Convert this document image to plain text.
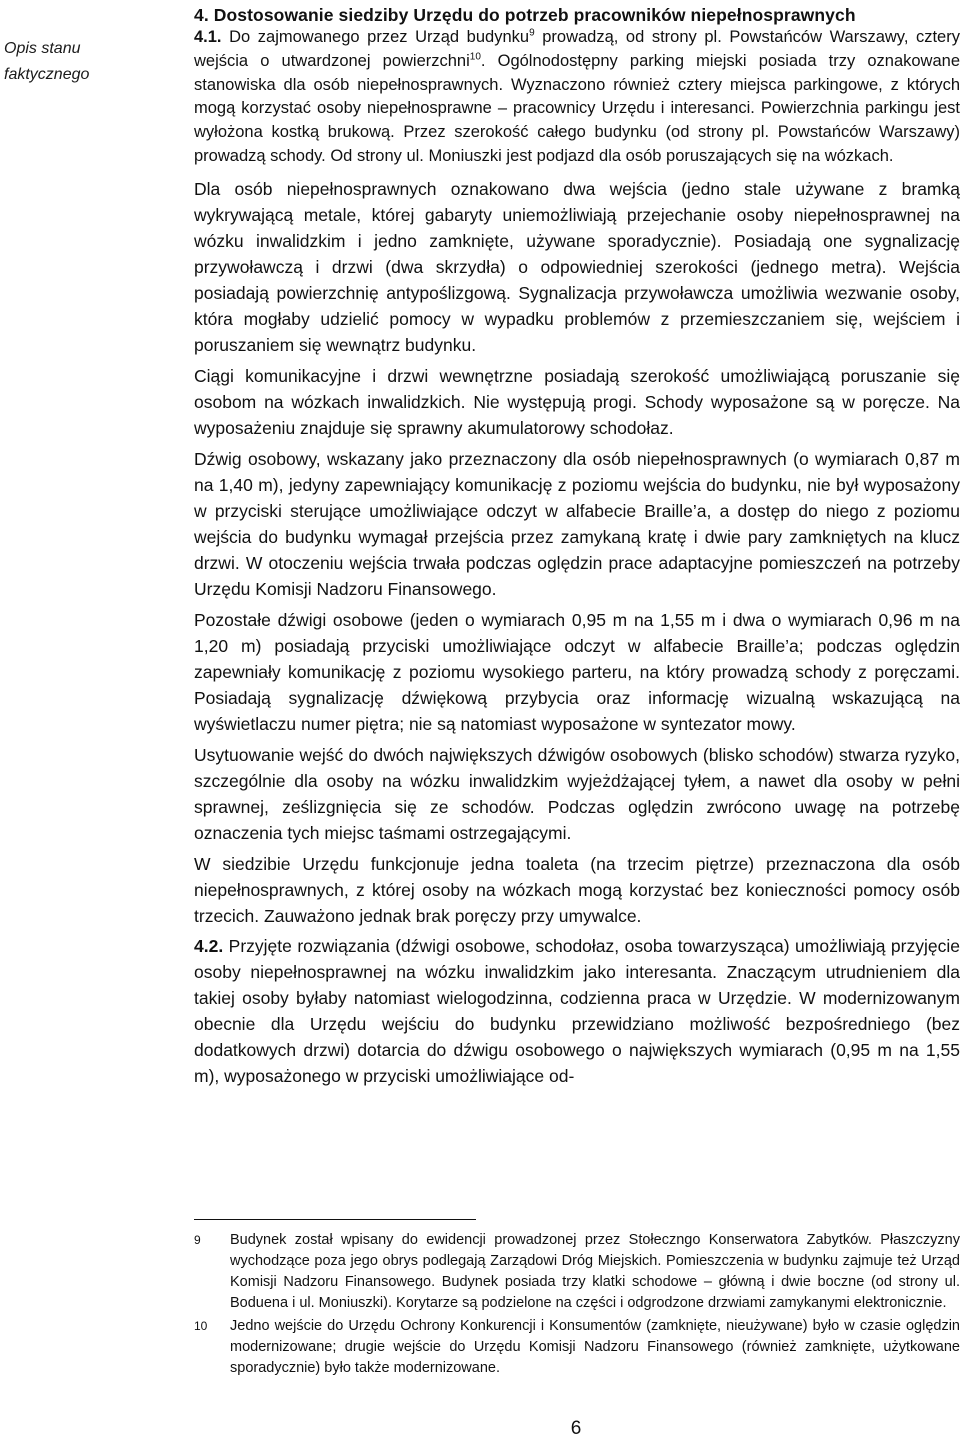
Opis stanu faktycznego
4. Dostosowanie siedziby Urzędu do potrzeb pracowników niepełnosprawnych

4.1. Do zajmowanego przez Urząd budynku$^9$ prowadzą, od strony pl. Powstańców Warszawy, cztery wejścia o utwardzonej powierzchni$^{10}$. Ogólnodostępny parking miejski posiada trzy oznakowane stanowiska dla osób niepełnosprawnych. Wyznaczono również cztery miejsca parkingowe, z których mogą korzystać osoby niepełnosprawne – pracownicy Urzędu i interesanci. Powierzchnia parkingu jest wyłożona kostką brukową. Przez szerokość całego budynku (od strony pl. Powstańców Warszawy) prowadzą schody. Od strony ul. Moniuszki jest podjazd dla osób poruszających się na wózkach.

Dla osób niepełnosprawnych oznakowano dwa wejścia (jedno stale używane z bramką wykrywającą metale, której gabaryty uniemożliwiają przejechanie osoby niepełnosprawnej na wózku inwalidzkim i jedno zamknięte, używane sporadycznie). Posiadają one sygnalizację przywoławczą i drzwi (dwa skrzydła) o odpowiedniej szerokości (jednego metra). Wejścia posiadają powierzchnię antypoślizgową. Sygnalizacja przywoławcza umożliwia wezwanie osoby, która mogłaby udzielić pomocy w wypadku problemów z przemieszczaniem się, wejściem i poruszaniem się wewnątrz budynku.

Ciągi komunikacyjne i drzwi wewnętrzne posiadają szerokość umożliwiającą poruszanie się osobom na wózkach inwalidzkich. Nie występują progi. Schody wyposażone są w poręcze. Na wyposażeniu znajduje się sprawny akumulatorowy schodołaz.

Dźwig osobowy, wskazany jako przeznaczony dla osób niepełnosprawnych (o wymiarach 0,87 m na 1,40 m), jedyny zapewniający komunikację z poziomu wejścia do budynku, nie był wyposażony w przyciski sterujące umożliwiające odczyt w alfabecie Braille’a, a dostęp do niego z poziomu wejścia do budynku wymagał przejścia przez zamykaną kratę i dwie pary zamkniętych na klucz drzwi. W otoczeniu wejścia trwała podczas oględzin prace adaptacyjne pomieszczeń na potrzeby Urzędu Komisji Nadzoru Finansowego.

Pozostałe dźwigi osobowe (jeden o wymiarach 0,95 m na 1,55 m i dwa o wymiarach 0,96 m na 1,20 m) posiadają przyciski umożliwiające odczyt w alfabecie Braille’a; podczas oględzin zapewniały komunikację z poziomu wysokiego parteru, na który prowadzą schody z poręczami. Posiadają sygnalizację dźwiękową przybycia oraz informację wizualną wskazującą na wyświetlaczu numer piętra; nie są natomiast wyposażone w syntezator mowy.

Usytuowanie wejść do dwóch największych dźwigów osobowych (blisko schodów) stwarza ryzyko, szczególnie dla osoby na wózku inwalidzkim wyjeżdżającej tyłem, a nawet dla osoby w pełni sprawnej, ześlizgnięcia się ze schodów. Podczas oględzin zwrócono uwagę na potrzebę oznaczenia tych miejsc taśmami ostrzegającymi.

W siedzibie Urzędu funkcjonuje jedna toaleta (na trzecim piętrze) przeznaczona dla osób niepełnosprawnych, z której osoby na wózkach mogą korzystać bez konieczności pomocy osób trzecich. Zauważono jednak brak poręczy przy umywalce.

4.2. Przyjęte rozwiązania (dźwigi osobowe, schodołaz, osoba towarzysząca) umożliwiają przyjęcie osoby niepełnosprawnej na wózku inwalidzkim jako interesanta. Znaczącym utrudnieniem dla takiej osoby byłaby natomiast wielogodzinna, codzienna praca w Urzędzie. W modernizowanym obecnie dla Urzędu wejściu do budynku przewidziano możliwość bezpośredniego (bez dodatkowych drzwi) dotarcia do dźwigu osobowego o największych wymiarach (0,95 m na 1,55 m), wyposażonego w przyciski umożliwiające od-

9 Budynek został wpisany do ewidencji prowadzonej przez Stołeczngo Konserwatora Zabytków. Płaszczyzny wychodzące poza jego obrys podlegają Zarządowi Dróg Miejskich. Pomieszczenia w budynku zajmuje też Urząd Komisji Nadzoru Finansowego. Budynek posiada trzy klatki schodowe – główną i dwie boczne (od strony ul. Boduena i ul. Moniuszki). Korytarze są podzielone na części i odgrodzone drzwiami zamykanymi elektronicznie.
10 Jedno wejście do Urzędu Ochrony Konkurencji i Konsumentów (zamknięte, nieużywane) było w czasie oględzin modernizowane; drugie wejście do Urzędu Komisji Nadzoru Finansowego (również zamknięte, użytkowane sporadycznie) było także modernizowane.
6
